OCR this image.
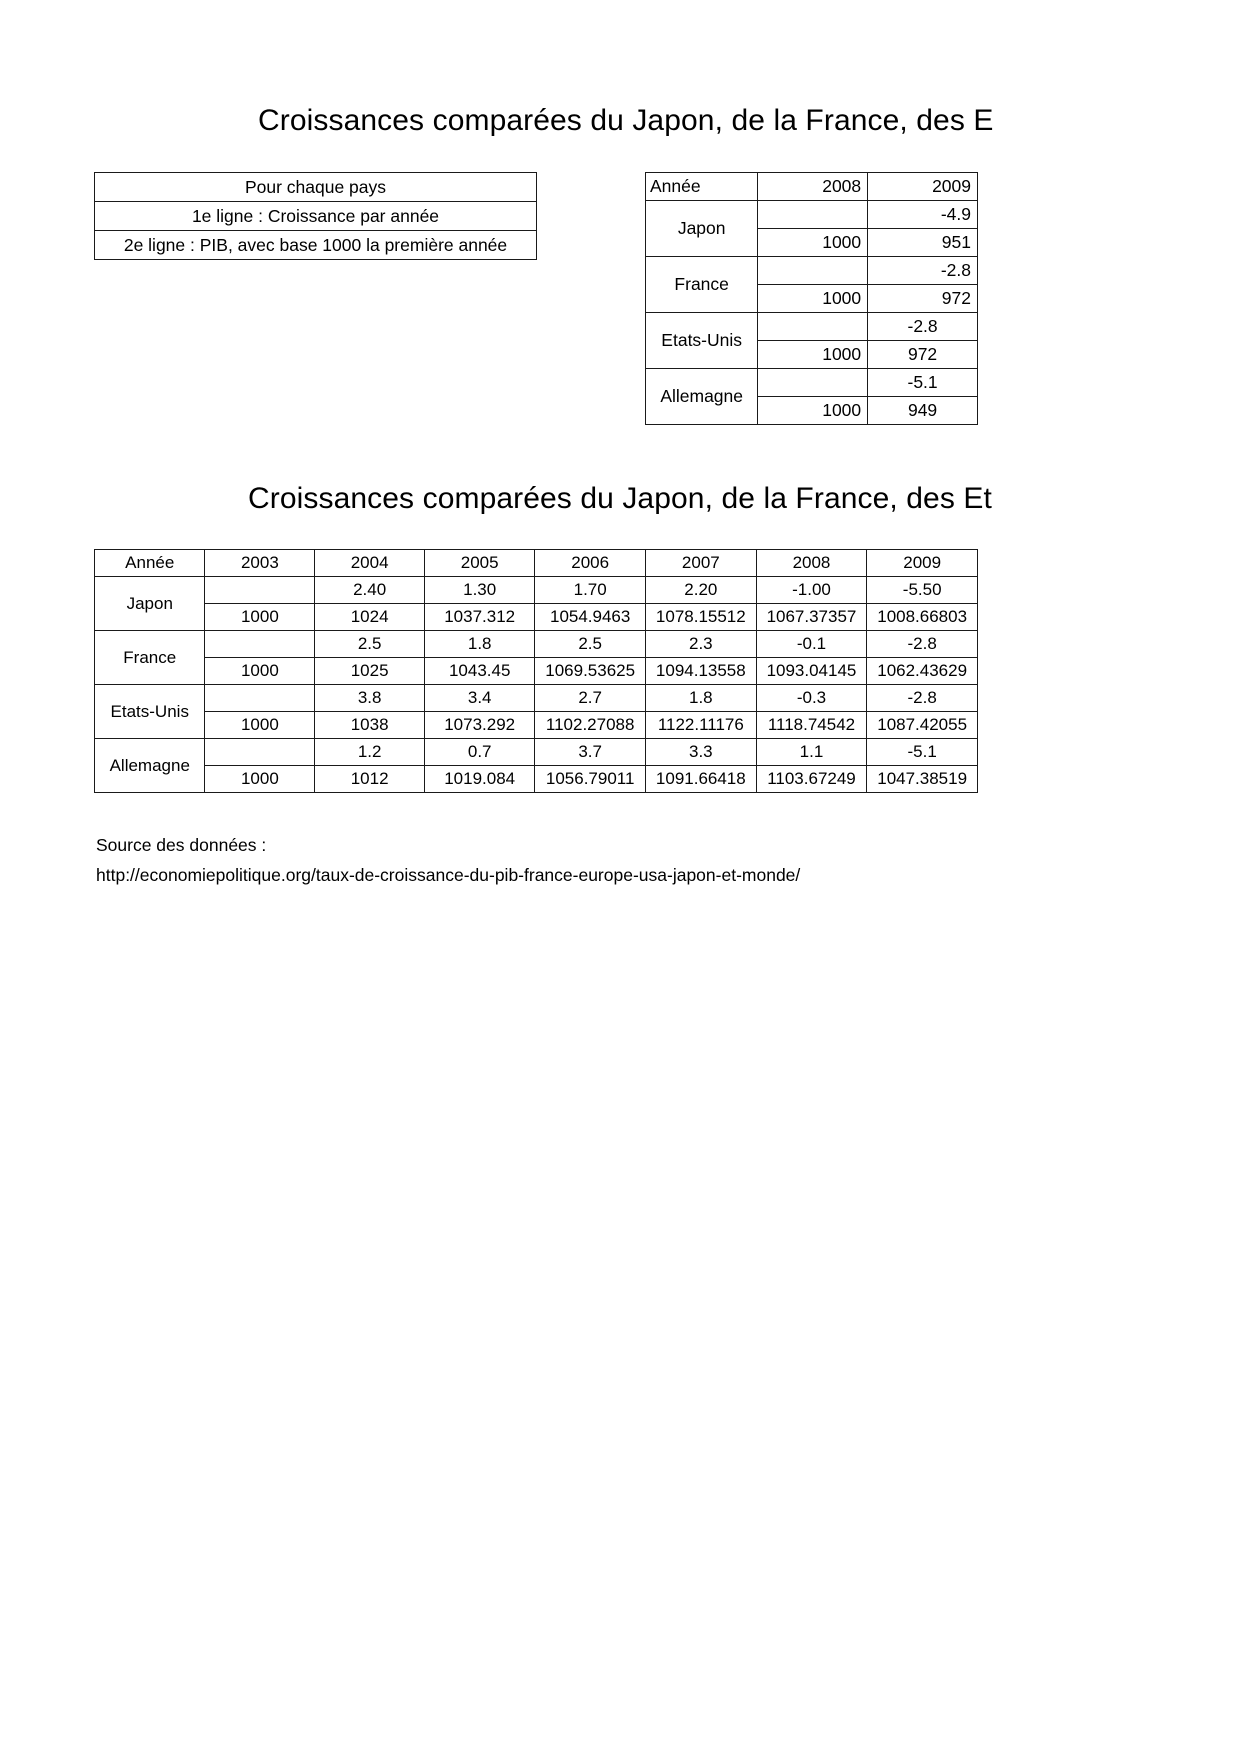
Croissances comparées du Japon, de la France, des E
Pour chaque pays
1e ligne : Croissance par année
2e ligne : PIB, avec base 1000 la première année
Année	2008	2009
Japon		-4.9
	1000	951
France		-2.8
	1000	972
Etats-Unis		-2.8
	1000	972
Allemagne		-5.1
	1000	949
Croissances comparées du Japon, de la France, des Et
Année	2003	2004	2005	2006	2007	2008	2009
Japon		2.40	1.30	1.70	2.20	-1.00	-5.50
	1000	1024	1037.312	1054.9463	1078.15512	1067.37357	1008.66803
France		2.5	1.8	2.5	2.3	-0.1	-2.8
	1000	1025	1043.45	1069.53625	1094.13558	1093.04145	1062.43629
Etats-Unis		3.8	3.4	2.7	1.8	-0.3	-2.8
	1000	1038	1073.292	1102.27088	1122.11176	1118.74542	1087.42055
Allemagne		1.2	0.7	3.7	3.3	1.1	-5.1
	1000	1012	1019.084	1056.79011	1091.66418	1103.67249	1047.38519
Source des données :
http://economiepolitique.org/taux-de-croissance-du-pib-france-europe-usa-japon-et-monde/
